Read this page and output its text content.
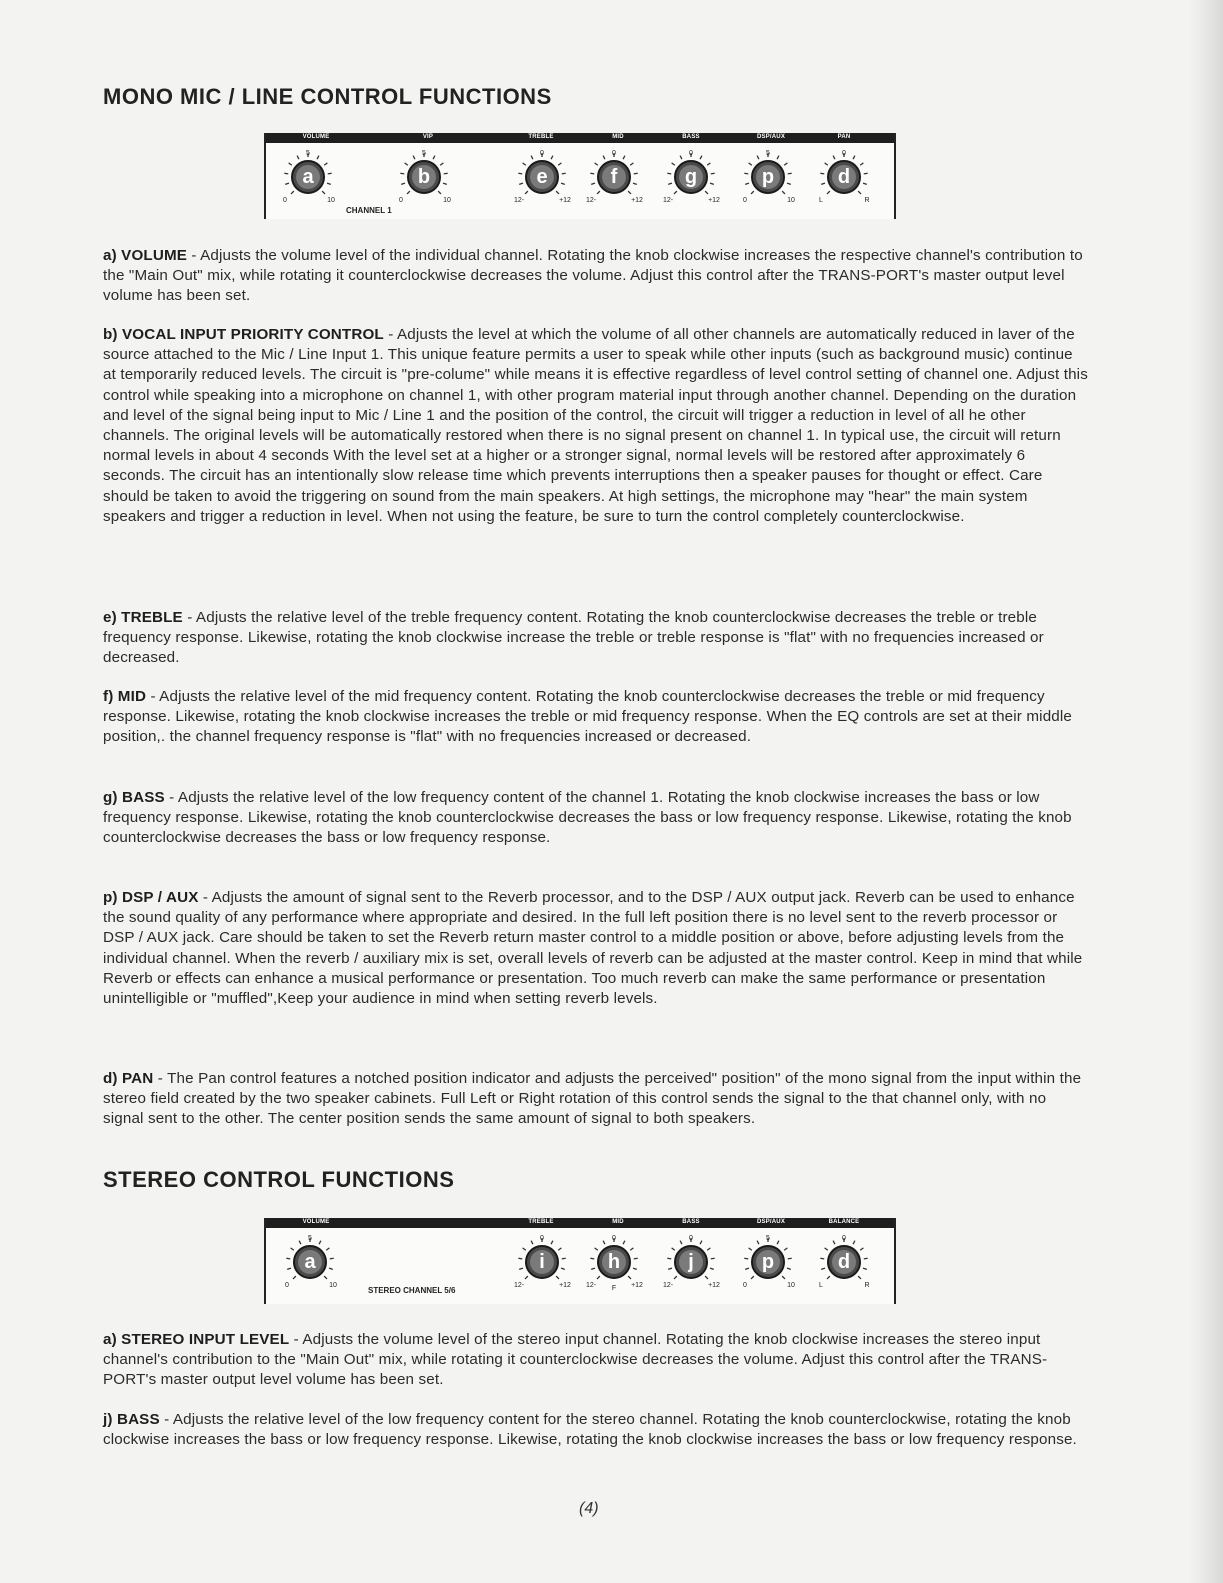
MONO MIC / LINE CONTROL FUNCTIONS
CHANNEL 1
VOLUME	VIP	TREBLE	MID	BASS	DSP/AUX	PAN
5
0	10
a
5
0	10
b
0
12-	+12
e
0
12-	+12
f
0
12-	+12
g
5
0	10
p
0
L	R
d
a) VOLUME - Adjusts the volume level of the individual channel. Rotating the knob clockwise increases the respective channel's contribution to the "Main Out" mix, while rotating it counterclockwise decreases the volume. Adjust this control after the TRANS-PORT's master output level volume has been set.
b) VOCAL INPUT PRIORITY CONTROL - Adjusts the level at which the volume of all other channels are automatically reduced in laver of the source attached to the Mic / Line Input 1. This unique feature permits a user to speak while other inputs (such as background music) continue at temporarily reduced levels. The circuit is "pre-colume" while means it is effective regardless of level control setting of channel one. Adjust this control while speaking into a microphone on channel 1, with other program material input through another channel. Depending on the duration and level of the signal being input to Mic / Line 1 and the position of the control, the circuit will trigger a reduction in level of all he other channels. The original levels will be automatically restored when there is no signal present on channel 1. In typical use, the circuit will return normal levels in about 4 seconds With the level set at a higher or a stronger signal, normal levels will be restored after approximately 6 seconds. The circuit has an intentionally slow release time which prevents interruptions then a speaker pauses for thought or effect. Care should be taken to avoid the triggering on sound from the main speakers. At high settings, the microphone may "hear" the main system speakers and trigger a reduction in level. When not using the feature, be sure to turn the control completely counterclockwise.
e) TREBLE - Adjusts the relative level of the treble frequency content. Rotating the knob counterclockwise decreases the treble or treble frequency response. Likewise, rotating the knob clockwise increase the treble or treble response is "flat" with no frequencies increased or decreased.
f) MID - Adjusts the relative level of the mid frequency content. Rotating the knob counterclockwise decreases the treble or mid frequency response. Likewise, rotating the knob clockwise increases the treble or mid frequency response. When the EQ controls are set at their middle position,. the channel frequency response is "flat" with no frequencies increased or decreased.
g) BASS - Adjusts the relative level of the low frequency content of the channel 1. Rotating the knob clockwise increases the bass or low frequency response. Likewise, rotating the knob counterclockwise decreases the bass or low frequency response. Likewise, rotating the knob counterclockwise decreases the bass or low frequency response.
p) DSP / AUX - Adjusts the amount of signal sent to the Reverb processor, and to the DSP / AUX output jack. Reverb can be used to enhance the sound quality of any performance where appropriate and desired. In the full left position there is no level sent to the reverb processor or DSP / AUX jack. Care should be taken to set the Reverb return master control to a middle position or above, before adjusting levels from the individual channel. When the reverb / auxiliary mix is set, overall levels of reverb can be adjusted at the master control. Keep in mind that while Reverb or effects can enhance a musical performance or presentation. Too much reverb can make the same performance or presentation unintelligible or "muffled",Keep your audience in mind when setting reverb levels.
d) PAN - The Pan control features a notched position indicator and adjusts the perceived" position" of the mono signal from the input within the stereo field created by the two speaker cabinets. Full Left or Right rotation of this control sends the signal to the that channel only, with no signal sent to the other. The center position sends the same amount of signal to both speakers.
STEREO CONTROL FUNCTIONS
STEREO CHANNEL 5/6
VOLUME	TREBLE	MID	BASS	DSP/AUX	BALANCE
5
0	10
a
0
12-	+12
i
0
12-	+12
F
h
0
12-	+12
j
5
0	10
p
0
L	R
d
a) STEREO INPUT LEVEL - Adjusts the volume level of the stereo input channel. Rotating the knob clockwise increases the stereo input channel's contribution to the "Main Out" mix, while rotating it counterclockwise decreases the volume. Adjust this control after the TRANS-PORT's master output level volume has been set.
j) BASS - Adjusts the relative level of the low frequency content for the stereo channel. Rotating the knob counterclockwise, rotating the knob clockwise increases the bass or low frequency response. Likewise, rotating the knob clockwise increases the bass or low frequency response.
(4)
